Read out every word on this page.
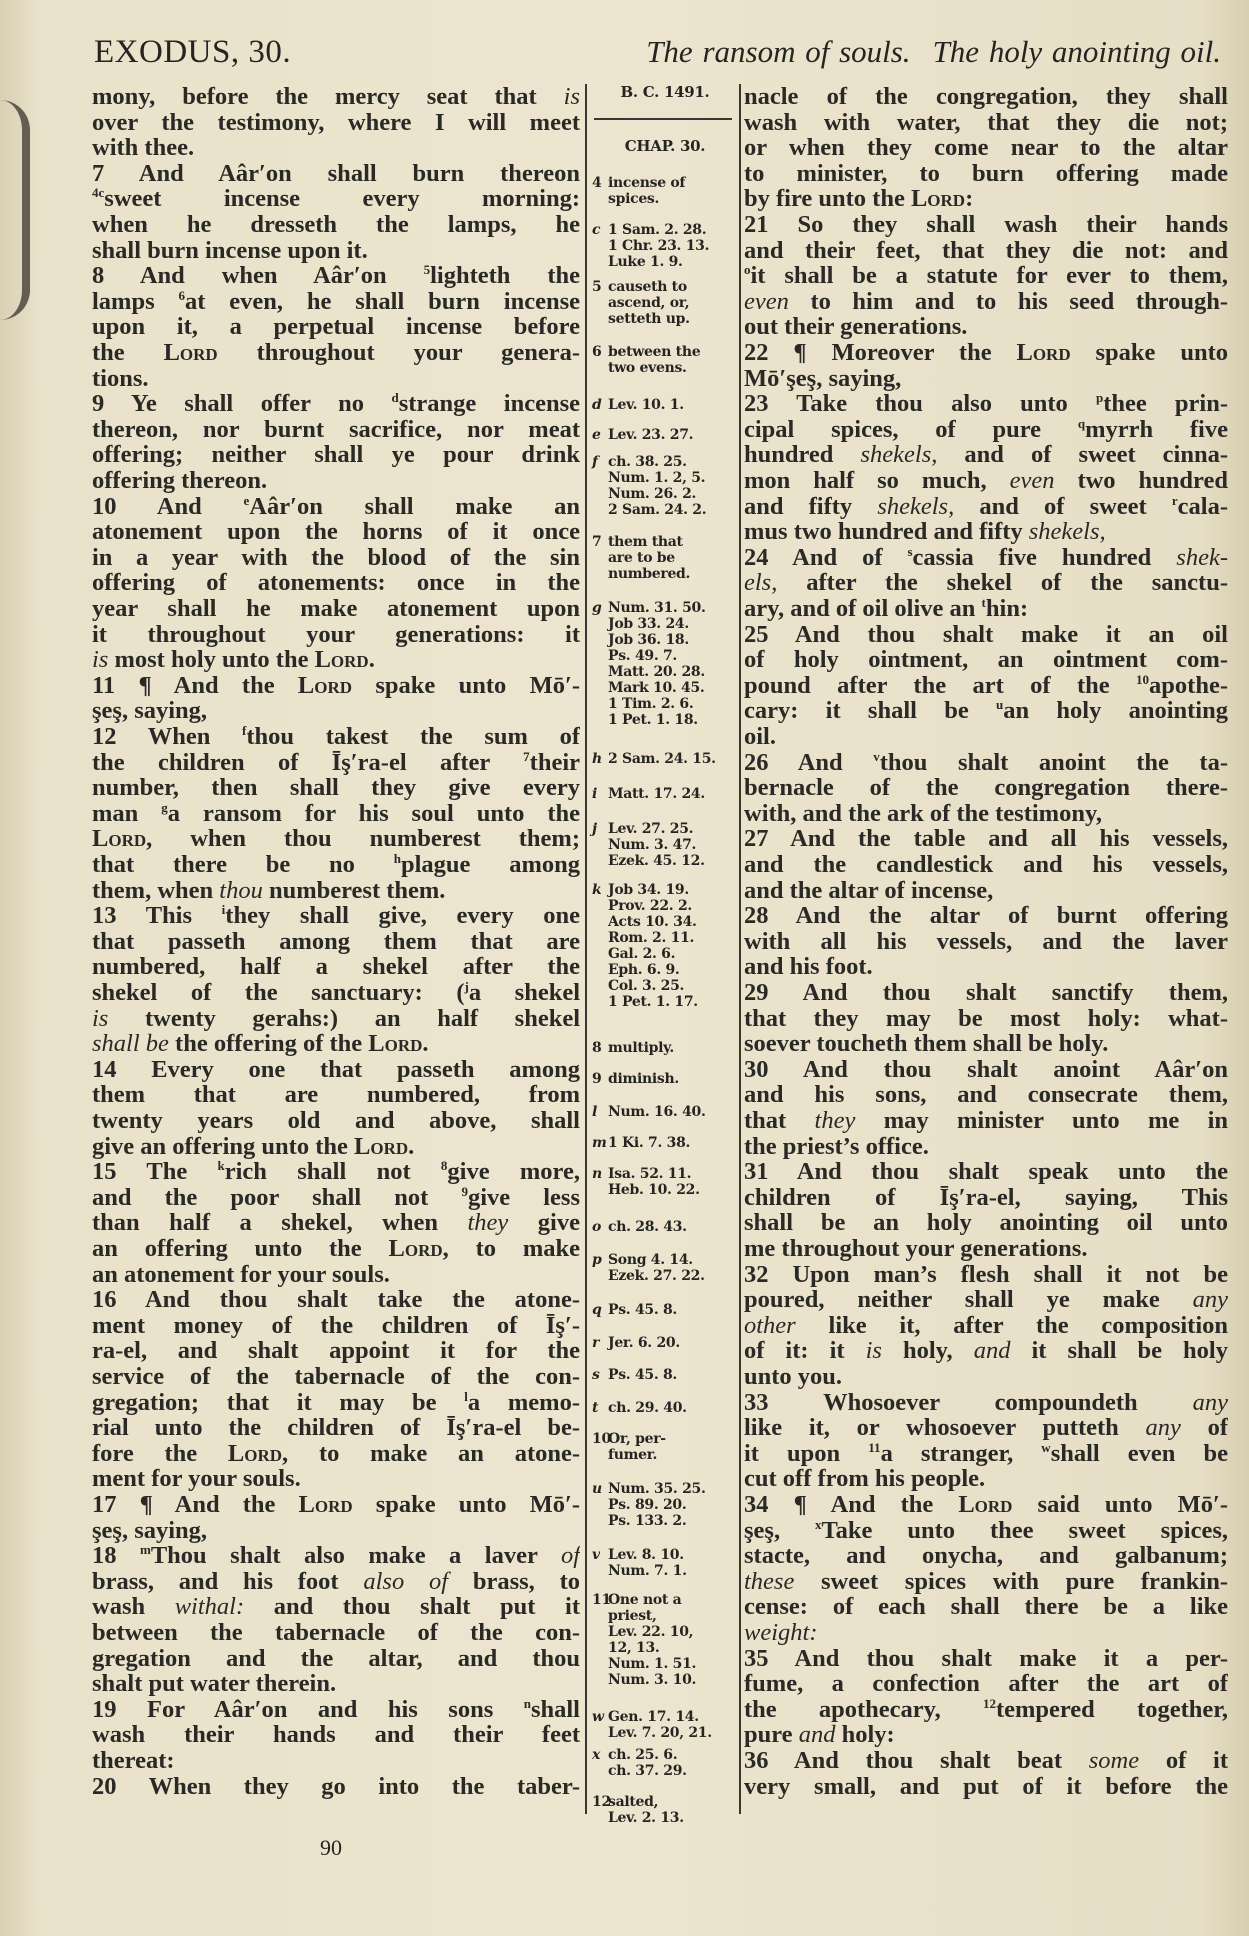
EXODUS, 30.	The ransom of souls. The holy anointing oil.
mony, before the mercy seat that is
over the testimony, where I will meet
with thee.
7 And Aâr′on shall burn thereon
$^{4c}$sweet incense every morning:
when he dresseth the lamps, he
shall burn incense upon it.
8 And when Aâr′on $^5$lighteth the
lamps $^6$at even, he shall burn incense
upon it, a perpetual incense before
the Lord throughout your genera-
tions.
9 Ye shall offer no $^d$strange incense
thereon, nor burnt sacrifice, nor meat
offering; neither shall ye pour drink
offering thereon.
10 And $^e$Aâr′on shall make an
atonement upon the horns of it once
in a year with the blood of the sin
offering of atonements: once in the
year shall he make atonement upon
it throughout your generations: it
is most holy unto the Lord.
11 ¶ And the Lord spake unto Mō′-
şeş, saying,
12 When $^f$thou takest the sum of
the children of Īş′ra-el after $^7$their
number, then shall they give every
man $^g$a ransom for his soul unto the
Lord, when thou numberest them;
that there be no $^h$plague among
them, when thou numberest them.
13 This $^i$they shall give, every one
that passeth among them that are
numbered, half a shekel after the
shekel of the sanctuary: ($^j$a shekel
is twenty gerahs:) an half shekel
shall be the offering of the Lord.
14 Every one that passeth among
them that are numbered, from
twenty years old and above, shall
give an offering unto the Lord.
15 The $^k$rich shall not $^8$give more,
and the poor shall not $^9$give less
than half a shekel, when they give
an offering unto the Lord, to make
an atonement for your souls.
16 And thou shalt take the atone-
ment money of the children of Īş′-
ra-el, and shalt appoint it for the
service of the tabernacle of the con-
gregation; that it may be $^l$a memo-
rial unto the children of Īş′ra-el be-
fore the Lord, to make an atone-
ment for your souls.
17 ¶ And the Lord spake unto Mō′-
şeş, saying,
18 $^m$Thou shalt also make a laver of
brass, and his foot also of brass, to
wash withal: and thou shalt put it
between the tabernacle of the con-
gregation and the altar, and thou
shalt put water therein.
19 For Aâr′on and his sons $^n$shall
wash their hands and their feet
thereat:
20 When they go into the taber-
B. C. 1491.
CHAP. 30.
4 incense of
spices.
c 1 Sam. 2. 28.
1 Chr. 23. 13.
Luke 1. 9.
5 causeth to
ascend, or,
setteth up.
6 between the
two evens.
d Lev. 10. 1.
e Lev. 23. 27.
f ch. 38. 25.
Num. 1. 2, 5.
Num. 26. 2.
2 Sam. 24. 2.
7 them that
are to be
numbered.
g Num. 31. 50.
Job 33. 24.
Job 36. 18.
Ps. 49. 7.
Matt. 20. 28.
Mark 10. 45.
1 Tim. 2. 6.
1 Pet. 1. 18.
h 2 Sam. 24. 15.
i Matt. 17. 24.
j Lev. 27. 25.
Num. 3. 47.
Ezek. 45. 12.
k Job 34. 19.
Prov. 22. 2.
Acts 10. 34.
Rom. 2. 11.
Gal. 2. 6.
Eph. 6. 9.
Col. 3. 25.
1 Pet. 1. 17.
8 multiply.
9 diminish.
l Num. 16. 40.
m1 Ki. 7. 38.
n Isa. 52. 11.
Heb. 10. 22.
o ch. 28. 43.
p Song 4. 14.
Ezek. 27. 22.
q Ps. 45. 8.
r Jer. 6. 20.
s Ps. 45. 8.
t ch. 29. 40.
10Or, per-
fumer.
u Num. 35. 25.
Ps. 89. 20.
Ps. 133. 2.
v Lev. 8. 10.
Num. 7. 1.
11One not a
priest,
Lev. 22. 10,
12, 13.
Num. 1. 51.
Num. 3. 10.
w Gen. 17. 14.
Lev. 7. 20, 21.
x ch. 25. 6.
ch. 37. 29.
12salted,
Lev. 2. 13.
nacle of the congregation, they shall
wash with water, that they die not;
or when they come near to the altar
to minister, to burn offering made
by fire unto the Lord:
21 So they shall wash their hands
and their feet, that they die not: and
$^o$it shall be a statute for ever to them,
even to him and to his seed through-
out their generations.
22 ¶ Moreover the Lord spake unto
Mō′şeş, saying,
23 Take thou also unto $^p$thee prin-
cipal spices, of pure $^q$myrrh five
hundred shekels, and of sweet cinna-
mon half so much, even two hundred
and fifty shekels, and of sweet $^r$cala-
mus two hundred and fifty shekels,
24 And of $^s$cassia five hundred shek-
els, after the shekel of the sanctu-
ary, and of oil olive an $^t$hin:
25 And thou shalt make it an oil
of holy ointment, an ointment com-
pound after the art of the $^{10}$apothe-
cary: it shall be $^u$an holy anointing
oil.
26 And $^v$thou shalt anoint the ta-
bernacle of the congregation there-
with, and the ark of the testimony,
27 And the table and all his vessels,
and the candlestick and his vessels,
and the altar of incense,
28 And the altar of burnt offering
with all his vessels, and the laver
and his foot.
29 And thou shalt sanctify them,
that they may be most holy: what-
soever toucheth them shall be holy.
30 And thou shalt anoint Aâr′on
and his sons, and consecrate them,
that they may minister unto me in
the priest’s office.
31 And thou shalt speak unto the
children of Īş′ra-el, saying, This
shall be an holy anointing oil unto
me throughout your generations.
32 Upon man’s flesh shall it not be
poured, neither shall ye make any
other like it, after the composition
of it: it is holy, and it shall be holy
unto you.
33 Whosoever compoundeth any
like it, or whosoever putteth any of
it upon $^{11}$a stranger, $^w$shall even be
cut off from his people.
34 ¶ And the Lord said unto Mō′-
şeş, $^x$Take unto thee sweet spices,
stacte, and onycha, and galbanum;
these sweet spices with pure frankin-
cense: of each shall there be a like
weight:
35 And thou shalt make it a per-
fume, a confection after the art of
the apothecary, $^{12}$tempered together,
pure and holy:
36 And thou shalt beat some of it
very small, and put of it before the
90
